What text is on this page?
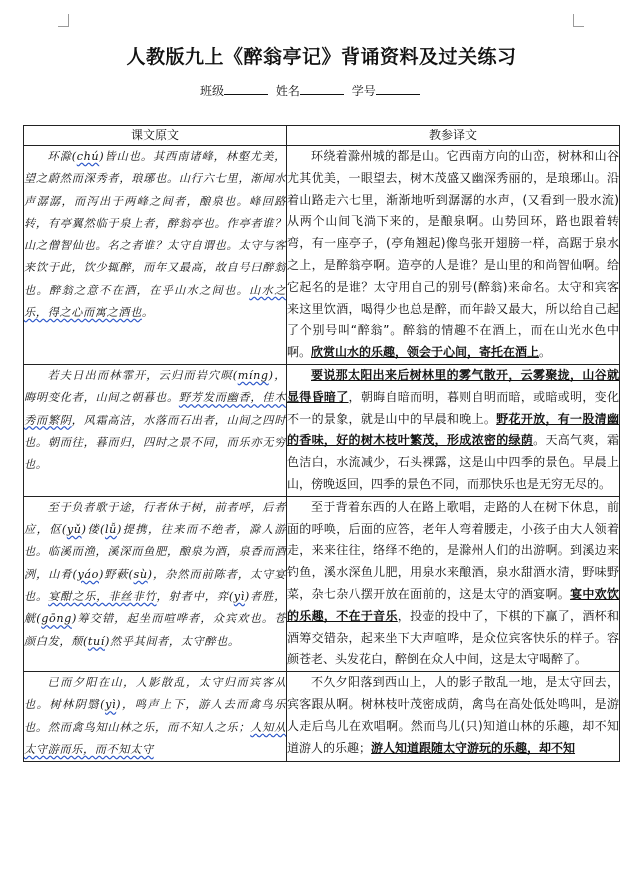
人教版九上《醉翁亭记》背诵资料及过关练习
班级	姓名	学号
课文原文	教参译文
环滁(chú)皆山也。其西南诸峰，林壑尤美，望之蔚然而深秀者，琅琊也。山行六七里，渐闻水声潺潺，而泻出于两峰之间者，酿泉也。峰回路转，有亭翼然临于泉上者，醉翁亭也。作亭者谁？山之僧智仙也。名之者谁？太守自谓也。太守与客来饮于此，饮少辄醉，而年又最高，故自号曰醉翁也。醉翁之意不在酒，在乎山水之间也。山水之乐，得之心而寓之酒也。	环绕着滁州城的都是山。它西南方向的山峦，树林和山谷尤其优美，一眼望去，树木茂盛又幽深秀丽的，是琅琊山。沿着山路走六七里，渐渐地听到潺潺的水声，(又看到一股水流)从两个山间飞淌下来的，是酿泉啊。山势回环，路也跟着转弯，有一座亭子，(亭角翘起)像鸟张开翅膀一样，高踞于泉水之上，是醉翁亭啊。造亭的人是谁？是山里的和尚智仙啊。给它起名的是谁？太守用自己的别号(醉翁)来命名。太守和宾客来这里饮酒，喝得少也总是醉，而年龄又最大，所以给自己起了个别号叫“醉翁”。醉翁的情趣不在酒上，而在山光水色中啊。欣赏山水的乐趣，领会于心间，寄托在酒上。
若夫日出而林霏开，云归而岩穴暝(míng)，晦明变化者，山间之朝暮也。野芳发而幽香，佳木秀而繁阴，风霜高洁，水落而石出者，山间之四时也。朝而往，暮而归，四时之景不同，而乐亦无穷也。	要说那太阳出来后树林里的雾气散开，云雾聚拢，山谷就显得昏暗了，朝晦自暗而明，暮则自明而暗，或暗或明，变化不一的景象，就是山中的早晨和晚上。野花开放，有一股清幽的香味，好的树木枝叶繁茂，形成浓密的绿荫。天高气爽，霜色洁白，水流减少，石头裸露，这是山中四季的景色。早晨上山，傍晚返回，四季的景色不同，而那快乐也是无穷无尽的。
至于负者歌于途，行者休于树，前者呼，后者应，伛(yǔ)偻(lǚ)提携，往来而不绝者，滁人游也。临溪而渔，溪深而鱼肥，酿泉为酒，泉香而酒洌，山肴(yáo)野蔌(sù)，杂然而前陈者，太守宴也。宴酣之乐，非丝非竹，射者中，弈(yì)者胜，觥(gōng)筹交错，起坐而喧哗者，众宾欢也。苍颜白发，颓(tuí)然乎其间者，太守醉也。	至于背着东西的人在路上歌唱，走路的人在树下休息，前面的呼唤，后面的应答，老年人弯着腰走，小孩子由大人领着走，来来往往，络绎不绝的，是滁州人们的出游啊。到溪边来钓鱼，溪水深鱼儿肥，用泉水来酿酒，泉水甜酒水清，野味野菜，杂七杂八摆开放在面前的，这是太守的酒宴啊。宴中欢饮的乐趣，不在于音乐，投壶的投中了，下棋的下赢了，酒杯和酒筹交错杂，起来坐下大声喧哗，是众位宾客快乐的样子。容颜苍老、头发花白，醉倒在众人中间，这是太守喝醉了。
已而夕阳在山，人影散乱，太守归而宾客从也。树林阴翳(yì)，鸣声上下，游人去而禽鸟乐也。然而禽鸟知山林之乐，而不知人之乐；人知从太守游而乐，而不知太守	不久夕阳落到西山上，人的影子散乱一地，是太守回去，宾客跟从啊。树林枝叶茂密成荫，禽鸟在高处低处鸣叫，是游人走后鸟儿在欢唱啊。然而鸟儿(只)知道山林的乐趣，却不知道游人的乐趣；游人知道跟随太守游玩的乐趣，却不知
